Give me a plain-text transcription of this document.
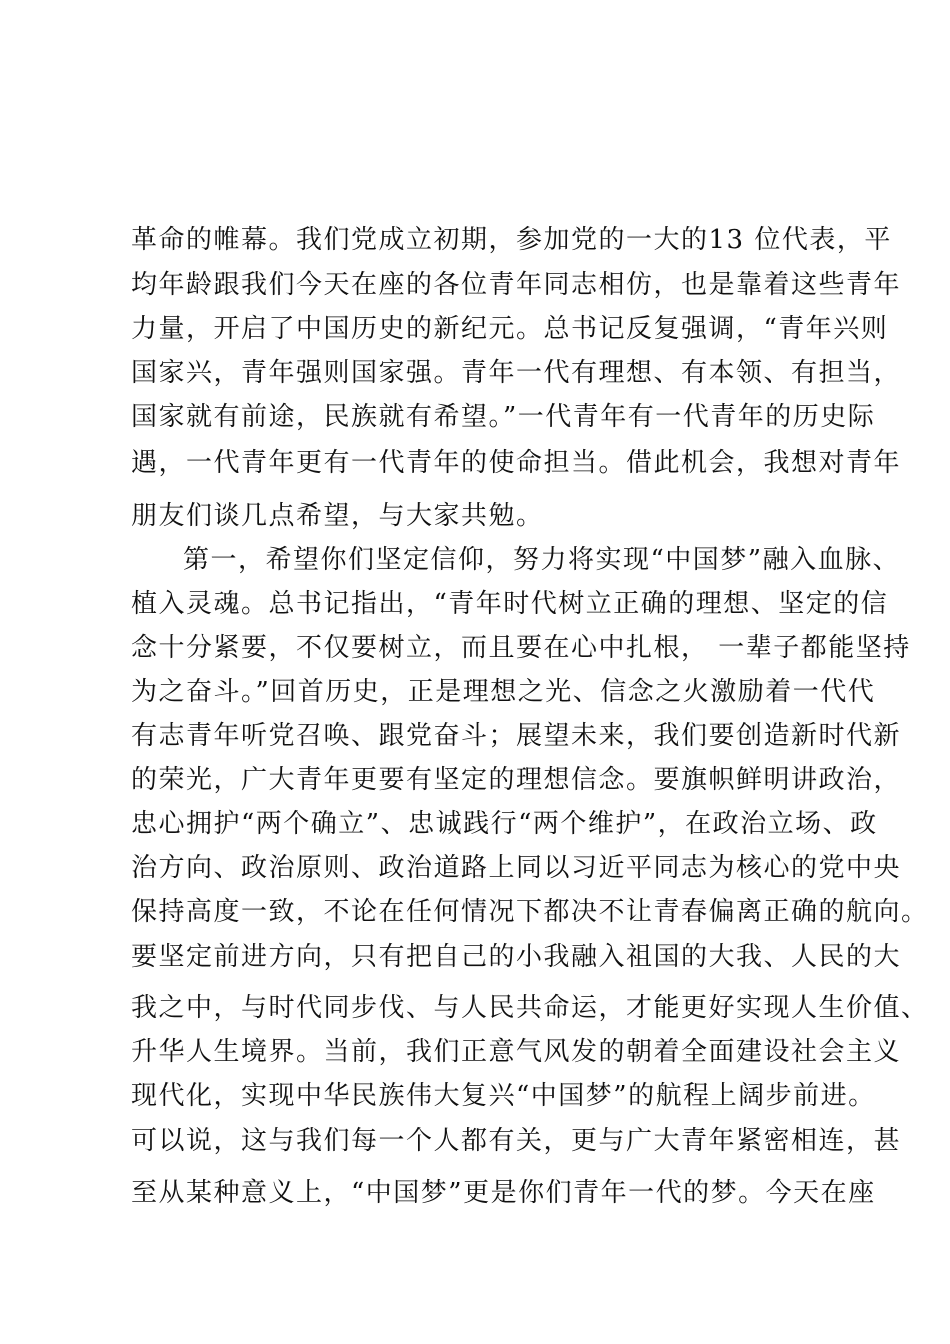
革命的帷幕。我们党成立初期，参加党的一大的13 位代表，平
均年龄跟我们今天在座的各位青年同志相仿，也是靠着这些青年
力量，开启了中国历史的新纪元。总书记反复强调，“青年兴则
国家兴，青年强则国家强。青年一代有理想、有本领、有担当，
国家就有前途，民族就有希望。”一代青年有一代青年的历史际
遇，一代青年更有一代青年的使命担当。借此机会，我想对青年
朋友们谈几点希望，与大家共勉。
第一，希望你们坚定信仰，努力将实现“中国梦”融入血脉、
植入灵魂。总书记指出，“青年时代树立正确的理想、坚定的信
念十分紧要，不仅要树立，而且要在心中扎根， 一辈子都能坚持
为之奋斗。”回首历史，正是理想之光、信念之火激励着一代代
有志青年听党召唤、跟党奋斗；展望未来，我们要创造新时代新
的荣光，广大青年更要有坚定的理想信念。要旗帜鲜明讲政治，
忠心拥护“两个确立”、忠诚践行“两个维护”，在政治立场、政
治方向、政治原则、政治道路上同以习近平同志为核心的党中央
保持高度一致，不论在任何情况下都决不让青春偏离正确的航向。
要坚定前进方向，只有把自己的小我融入祖国的大我、人民的大
我之中，与时代同步伐、与人民共命运，才能更好实现人生价值、
升华人生境界。当前，我们正意气风发的朝着全面建设社会主义
现代化，实现中华民族伟大复兴“中国梦”的航程上阔步前进。
可以说，这与我们每一个人都有关，更与广大青年紧密相连，甚
至从某种意义上，“中国梦”更是你们青年一代的梦。今天在座
